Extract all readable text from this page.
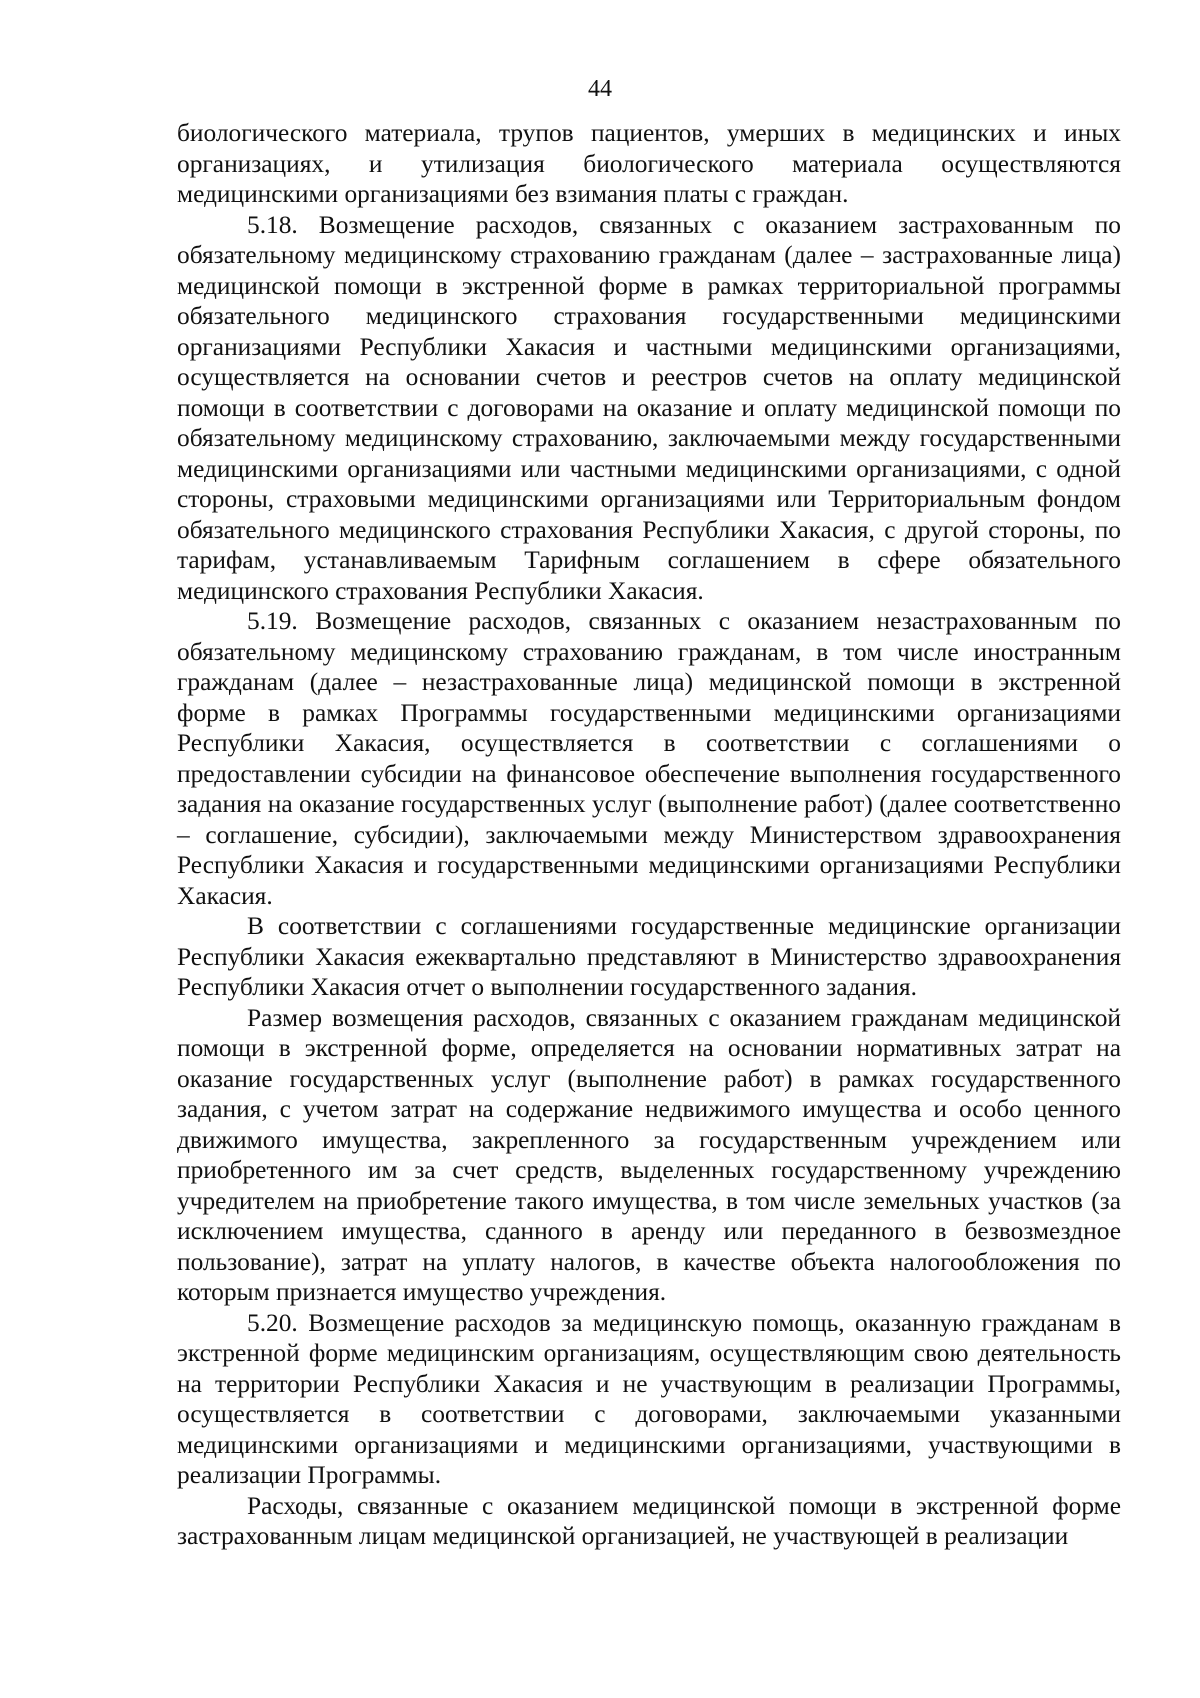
44

биологического материала, трупов пациентов, умерших в медицинских и иных организациях, и утилизация биологического материала осуществляются медицинскими организациями без взимания платы с граждан.

5.18. Возмещение расходов, связанных с оказанием застрахованным по обязательному медицинскому страхованию гражданам (далее – застрахованные лица) медицинской помощи в экстренной форме в рамках территориальной программы обязательного медицинского страхования государственными медицинскими организациями Республики Хакасия и частными медицинскими организациями, осуществляется на основании счетов и реестров счетов на оплату медицинской помощи в соответствии с договорами на оказание и оплату медицинской помощи по обязательному медицинскому страхованию, заключаемыми между государственными медицинскими организациями или частными медицинскими организациями, с одной стороны, страховыми медицинскими организациями или Территориальным фондом обязательного медицинского страхования Республики Хакасия, с другой стороны, по тарифам, устанавливаемым Тарифным соглашением в сфере обязательного медицинского страхования Республики Хакасия.

5.19. Возмещение расходов, связанных с оказанием незастрахованным по обязательному медицинскому страхованию гражданам, в том числе иностранным гражданам (далее – незастрахованные лица) медицинской помощи в экстренной форме в рамках Программы государственными медицинскими организациями Республики Хакасия, осуществляется в соответствии с соглашениями о предоставлении субсидии на финансовое обеспечение выполнения государственного задания на оказание государственных услуг (выполнение работ) (далее соответственно – соглашение, субсидии), заключаемыми между Министерством здравоохранения Республики Хакасия и государственными медицинскими организациями Республики Хакасия.

В соответствии с соглашениями государственные медицинские организации Республики Хакасия ежеквартально представляют в Министерство здравоохранения Республики Хакасия отчет о выполнении государственного задания.

Размер возмещения расходов, связанных с оказанием гражданам медицинской помощи в экстренной форме, определяется на основании нормативных затрат на оказание государственных услуг (выполнение работ) в рамках государственного задания, с учетом затрат на содержание недвижимого имущества и особо ценного движимого имущества, закрепленного за государственным учреждением или приобретенного им за счет средств, выделенных государственному учреждению учредителем на приобретение такого имущества, в том числе земельных участков (за исключением имущества, сданного в аренду или переданного в безвозмездное пользование), затрат на уплату налогов, в качестве объекта налогообложения по которым признается имущество учреждения.

5.20. Возмещение расходов за медицинскую помощь, оказанную гражданам в экстренной форме медицинским организациям, осуществляющим свою деятельность на территории Республики Хакасия и не участвующим в реализации Программы, осуществляется в соответствии с договорами, заключаемыми указанными медицинскими организациями и медицинскими организациями, участвующими в реализации Программы.

Расходы, связанные с оказанием медицинской помощи в экстренной форме застрахованным лицам медицинской организацией, не участвующей в реализации
